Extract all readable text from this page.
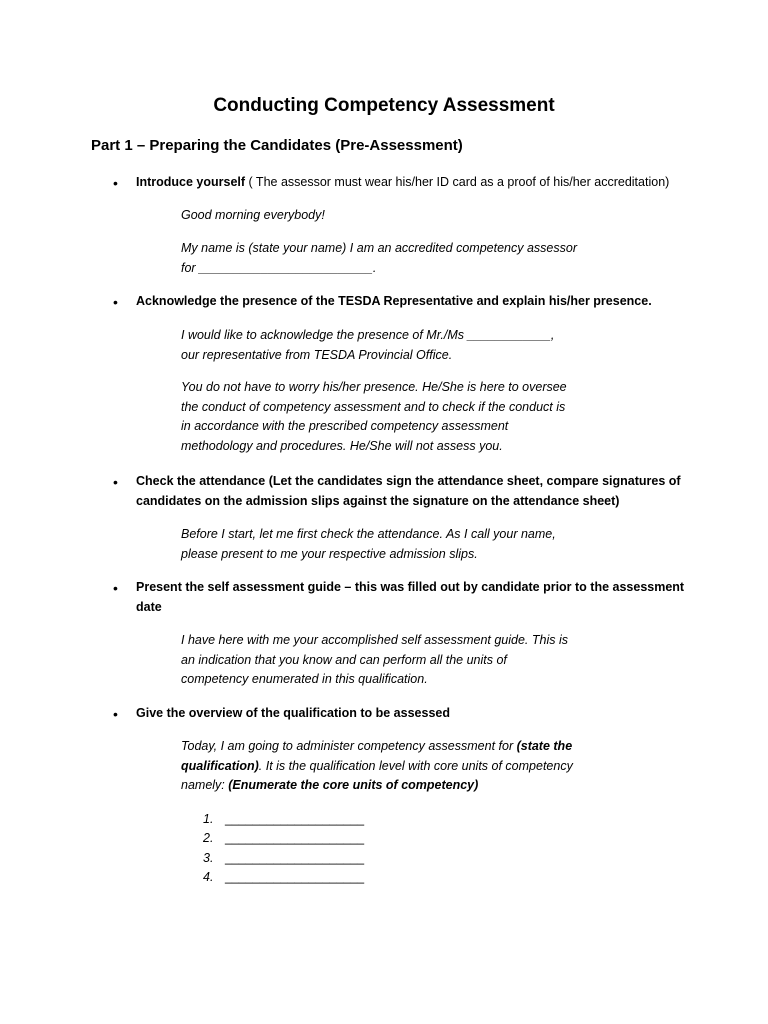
Conducting Competency Assessment
Part 1 – Preparing the Candidates (Pre-Assessment)
• Introduce yourself ( The assessor must wear his/her ID card as a proof of his/her accreditation)

Good morning everybody!

My name is (state your name) I am an accredited competency assessor

for _________________________.

• Acknowledge the presence of the TESDA Representative and explain his/her presence.

I would like to acknowledge the presence of Mr./Ms ____________,

our representative from TESDA Provincial Office.

You do not have to worry his/her presence. He/She is here to oversee

the conduct of competency assessment and to check if the conduct is

in accordance with the prescribed competency assessment

methodology and procedures. He/She will not assess you.

• Check the attendance (Let the candidates sign the attendance sheet, compare signatures of
candidates on the admission slips against the signature on the attendance sheet)

Before I start, let me first check the attendance. As I call your name,

please present to me your respective admission slips.

• Present the self assessment guide – this was filled out by candidate prior to the assessment
date

I have here with me your accomplished self assessment guide. This is

an indication that you know and can perform all the units of

competency enumerated in this qualification.

• Give the overview of the qualification to be assessed

Today, I am going to administer competency assessment for (state the

qualification). It is the qualification level with core units of competency

namely: (Enumerate the core units of competency)

1. ____________________
2. ____________________
3. ____________________
4. ____________________
